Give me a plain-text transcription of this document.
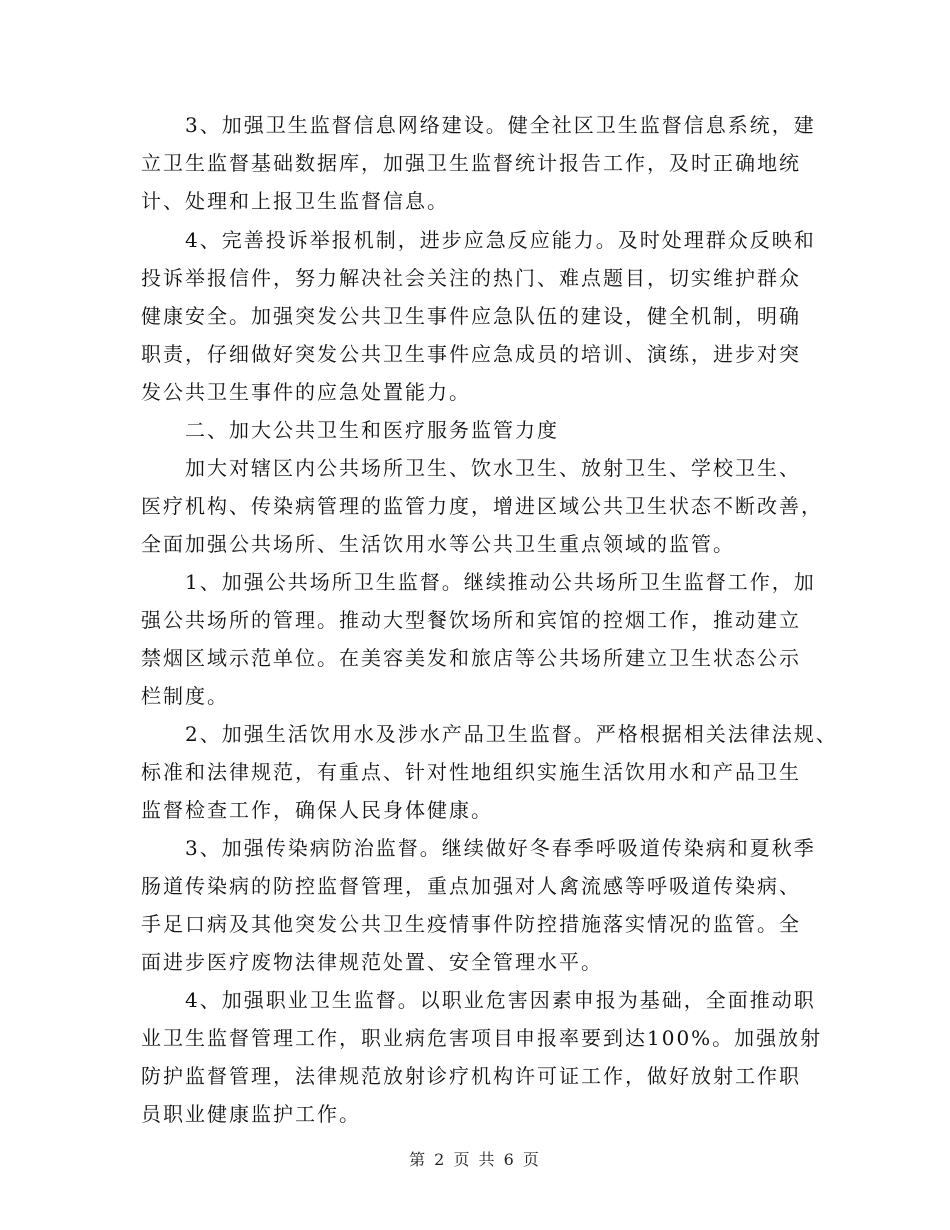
3、加强卫生监督信息网络建设。健全社区卫生监督信息系统，建
立卫生监督基础数据库，加强卫生监督统计报告工作，及时正确地统
计、处理和上报卫生监督信息。
4、完善投诉举报机制，进步应急反应能力。及时处理群众反映和
投诉举报信件，努力解决社会关注的热门、难点题目，切实维护群众
健康安全。加强突发公共卫生事件应急队伍的建设，健全机制，明确
职责，仔细做好突发公共卫生事件应急成员的培训、演练，进步对突
发公共卫生事件的应急处置能力。
二、加大公共卫生和医疗服务监管力度
加大对辖区内公共场所卫生、饮水卫生、放射卫生、学校卫生、
医疗机构、传染病管理的监管力度，增进区域公共卫生状态不断改善，
全面加强公共场所、生活饮用水等公共卫生重点领域的监管。
1、加强公共场所卫生监督。继续推动公共场所卫生监督工作，加
强公共场所的管理。推动大型餐饮场所和宾馆的控烟工作，推动建立
禁烟区域示范单位。在美容美发和旅店等公共场所建立卫生状态公示
栏制度。
2、加强生活饮用水及涉水产品卫生监督。严格根据相关法律法规、
标准和法律规范，有重点、针对性地组织实施生活饮用水和产品卫生
监督检查工作，确保人民身体健康。
3、加强传染病防治监督。继续做好冬春季呼吸道传染病和夏秋季
肠道传染病的防控监督管理，重点加强对人禽流感等呼吸道传染病、
手足口病及其他突发公共卫生疫情事件防控措施落实情况的监管。全
面进步医疗废物法律规范处置、安全管理水平。
4、加强职业卫生监督。以职业危害因素申报为基础，全面推动职
业卫生监督管理工作，职业病危害项目申报率要到达100%。加强放射
防护监督管理，法律规范放射诊疗机构许可证工作，做好放射工作职
员职业健康监护工作。
第 2 页 共 6 页
